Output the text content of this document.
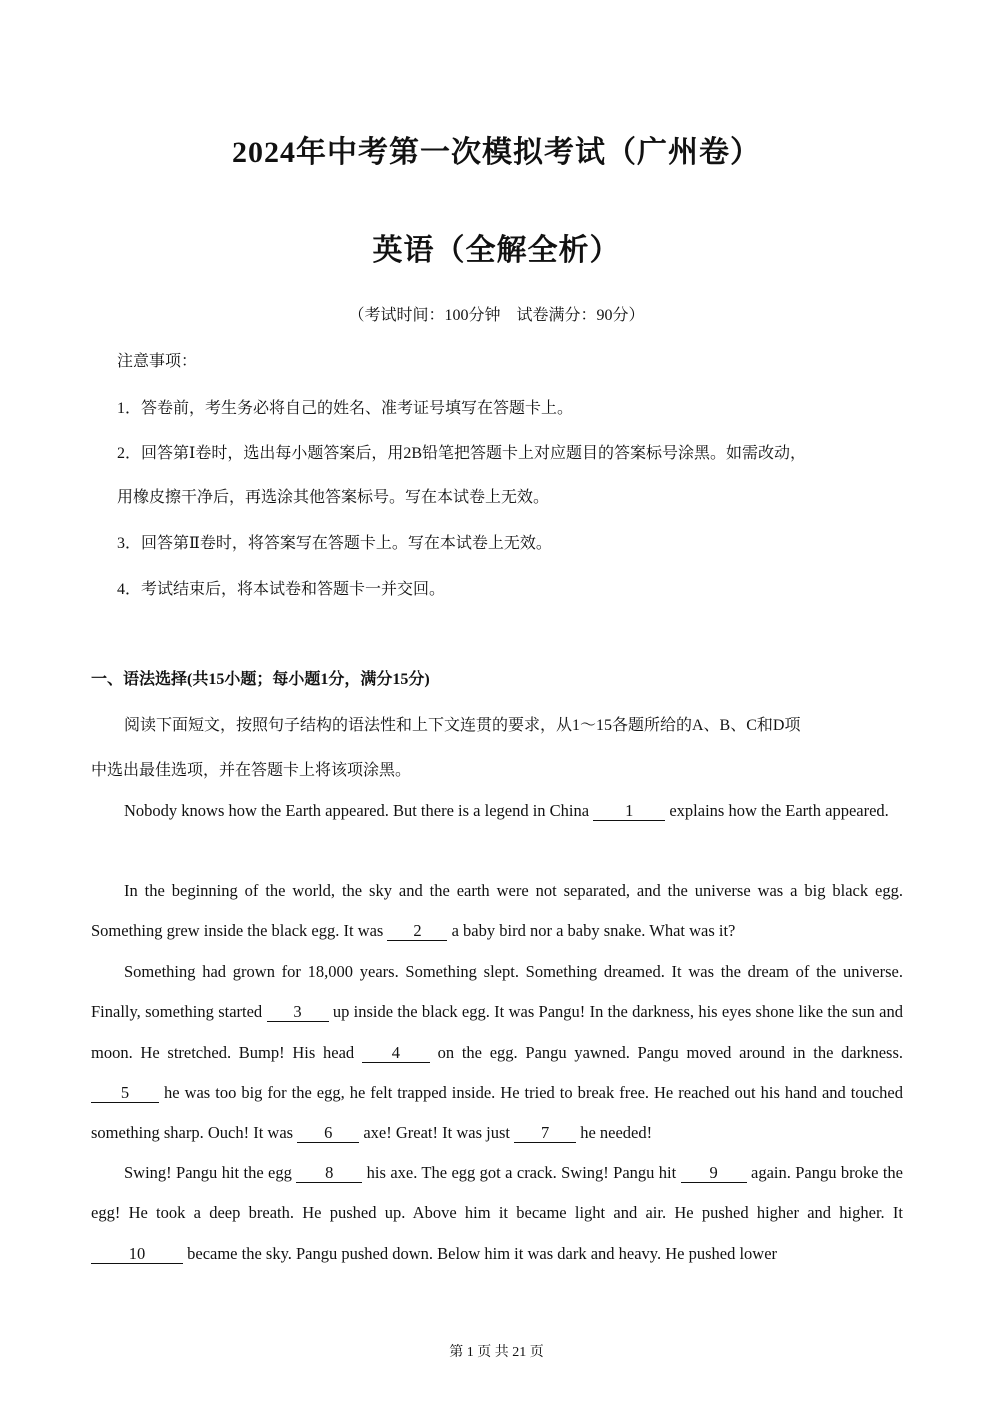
2024年中考第一次模拟考试（广州卷）
英语（全解全析）
（考试时间：100分钟　试卷满分：90分）
注意事项：
1．答卷前，考生务必将自己的姓名、准考证号填写在答题卡上。
2．回答第Ⅰ卷时，选出每小题答案后，用2B铅笔把答题卡上对应题目的答案标号涂黑。如需改动，
用橡皮擦干净后，再选涂其他答案标号。写在本试卷上无效。
3．回答第Ⅱ卷时，将答案写在答题卡上。写在本试卷上无效。
4．考试结束后，将本试卷和答题卡一并交回。
一、语法选择(共15小题；每小题1分，满分15分)
阅读下面短文，按照句子结构的语法性和上下文连贯的要求，从1～15各题所给的A、B、C和D项
中选出最佳选项，并在答题卡上将该项涂黑。

Nobody knows how the Earth appeared. But there is a legend in China 1 explains how the Earth appeared.

In the beginning of the world, the sky and the earth were not separated, and the universe was a big black egg. Something grew inside the black egg. It was 2 a baby bird nor a baby snake. What was it?

Something had grown for 18,000 years. Something slept. Something dreamed. It was the dream of the universe. Finally, something started 3 up inside the black egg. It was Pangu! In the darkness, his eyes shone like the sun and moon. He stretched. Bump! His head 4 on the egg. Pangu yawned. Pangu moved around in the darkness. 5 he was too big for the egg, he felt trapped inside. He tried to break free. He reached out his hand and touched something sharp. Ouch! It was 6 axe! Great! It was just 7 he needed!

Swing! Pangu hit the egg 8 his axe. The egg got a crack. Swing! Pangu hit 9 again. Pangu broke the egg! He took a deep breath. He pushed up. Above him it became light and air. He pushed higher and higher. It 10 became the sky. Pangu pushed down. Below him it was dark and heavy. He pushed lower

第 1 页 共 21 页
